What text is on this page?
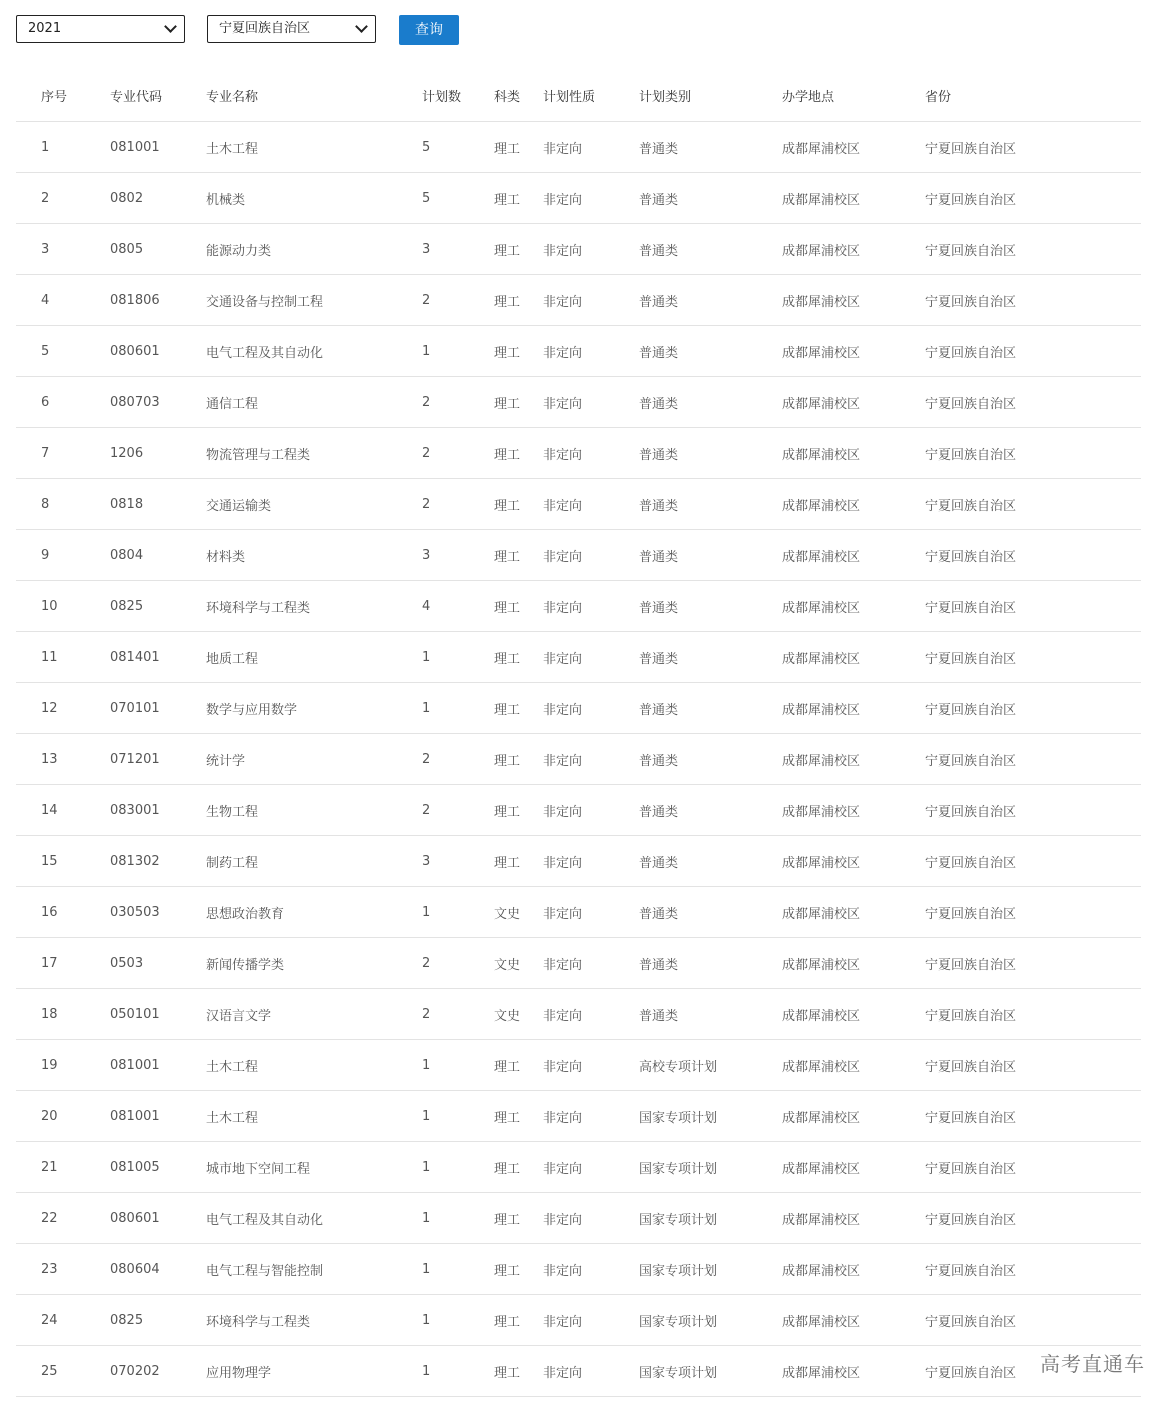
2021	宁夏回族自治区	查询
序号	专业代码	专业名称	计划数	科类	计划性质	计划类别	办学地点	省份
1	081001	土木工程	5	理工	非定向	普通类	成都犀浦校区	宁夏回族自治区
2	0802	机械类	5	理工	非定向	普通类	成都犀浦校区	宁夏回族自治区
3	0805	能源动力类	3	理工	非定向	普通类	成都犀浦校区	宁夏回族自治区
4	081806	交通设备与控制工程	2	理工	非定向	普通类	成都犀浦校区	宁夏回族自治区
5	080601	电气工程及其自动化	1	理工	非定向	普通类	成都犀浦校区	宁夏回族自治区
6	080703	通信工程	2	理工	非定向	普通类	成都犀浦校区	宁夏回族自治区
7	1206	物流管理与工程类	2	理工	非定向	普通类	成都犀浦校区	宁夏回族自治区
8	0818	交通运输类	2	理工	非定向	普通类	成都犀浦校区	宁夏回族自治区
9	0804	材料类	3	理工	非定向	普通类	成都犀浦校区	宁夏回族自治区
10	0825	环境科学与工程类	4	理工	非定向	普通类	成都犀浦校区	宁夏回族自治区
11	081401	地质工程	1	理工	非定向	普通类	成都犀浦校区	宁夏回族自治区
12	070101	数学与应用数学	1	理工	非定向	普通类	成都犀浦校区	宁夏回族自治区
13	071201	统计学	2	理工	非定向	普通类	成都犀浦校区	宁夏回族自治区
14	083001	生物工程	2	理工	非定向	普通类	成都犀浦校区	宁夏回族自治区
15	081302	制药工程	3	理工	非定向	普通类	成都犀浦校区	宁夏回族自治区
16	030503	思想政治教育	1	文史	非定向	普通类	成都犀浦校区	宁夏回族自治区
17	0503	新闻传播学类	2	文史	非定向	普通类	成都犀浦校区	宁夏回族自治区
18	050101	汉语言文学	2	文史	非定向	普通类	成都犀浦校区	宁夏回族自治区
19	081001	土木工程	1	理工	非定向	高校专项计划	成都犀浦校区	宁夏回族自治区
20	081001	土木工程	1	理工	非定向	国家专项计划	成都犀浦校区	宁夏回族自治区
21	081005	城市地下空间工程	1	理工	非定向	国家专项计划	成都犀浦校区	宁夏回族自治区
22	080601	电气工程及其自动化	1	理工	非定向	国家专项计划	成都犀浦校区	宁夏回族自治区
23	080604	电气工程与智能控制	1	理工	非定向	国家专项计划	成都犀浦校区	宁夏回族自治区
24	0825	环境科学与工程类	1	理工	非定向	国家专项计划	成都犀浦校区	宁夏回族自治区
25	070202	应用物理学	1	理工	非定向	国家专项计划	成都犀浦校区	宁夏回族自治区 高考直通车
